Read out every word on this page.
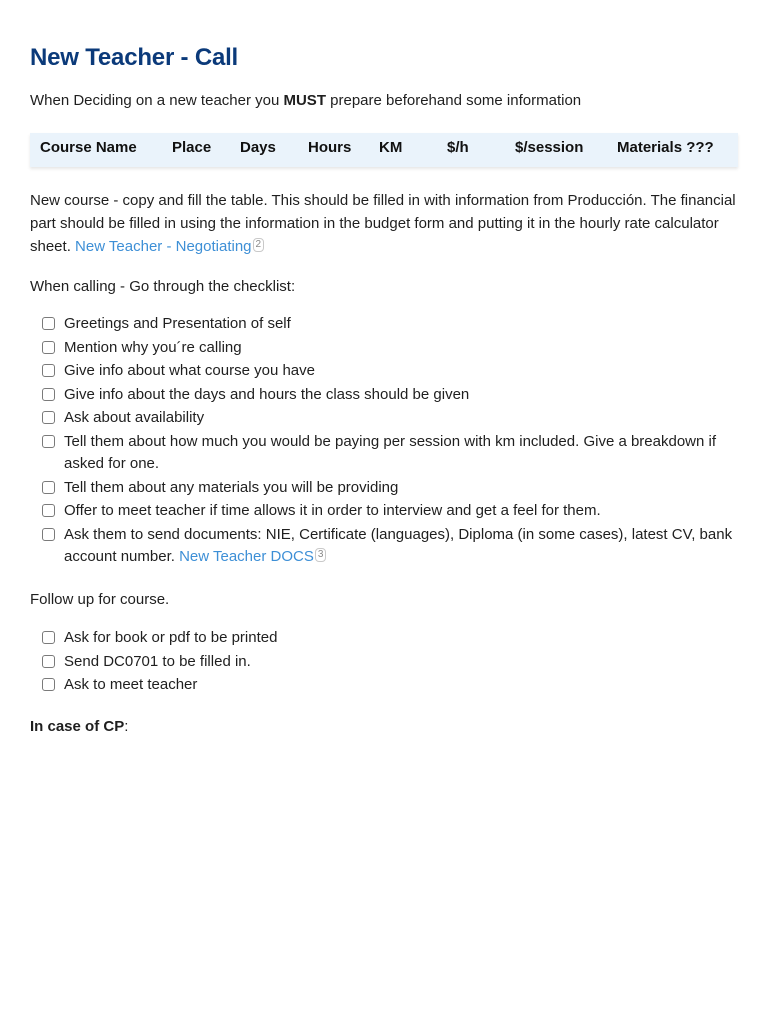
New Teacher - Call
When Deciding on a new teacher you MUST prepare beforehand some information
Course Name	Place	Days	Hours	KM	$/h	$/session	Materials ???
New course - copy and fill the table. This should be filled in with information from Producción. The financial part should be filled in using the information in the budget form and putting it in the hourly rate calculator sheet. New Teacher - Negotiating 2
When calling - Go through the checklist:
Greetings and Presentation of self
Mention why you´re calling
Give info about what course you have
Give info about the days and hours the class should be given
Ask about availability
Tell them about how much you would be paying per session with km included. Give a breakdown if asked for one.
Tell them about any materials you will be providing
Offer to meet teacher if time allows it in order to interview and get a feel for them.
Ask them to send documents: NIE, Certificate (languages), Diploma (in some cases), latest CV, bank account number. New Teacher DOCS 3
Follow up for course.
Ask for book or pdf to be printed
Send DC0701 to be filled in.
Ask to meet teacher
In case of CP:
